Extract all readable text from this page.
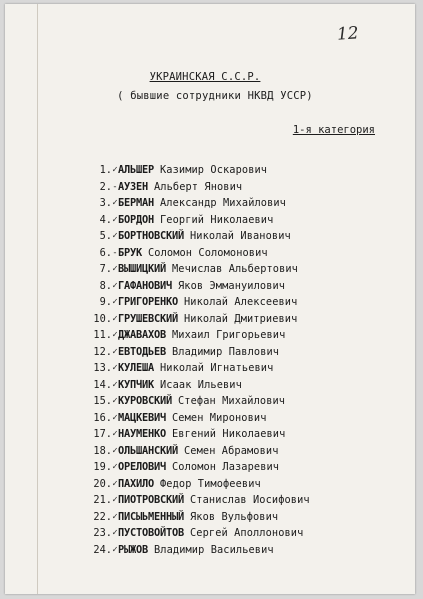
12
УКРАИНСКАЯ С.С.Р.
( бывшие сотрудники НКВД УССР)
1-я категория
1. ✓ АЛЬШЕР Казимир Оскарович
2. - АУЗЕН Альберт Янович
3. ✓ БЕРМАН Александр Михайлович
4. ✓ БОРДОН Георгий Николаевич
5. ✓ БОРТНОВСКИЙ Николай Иванович
6. - БРУК Соломон Соломонович
7. ✓ ВЫШИЦКИЙ Мечислав Альбертович
8. ✓ ГАФАНОВИЧ Яков Эммануилович
9. ✓ ГРИГОРЕНКО Николай Алексеевич
10. ✓ ГРУШЕВСКИЙ Николай Дмитриевич
11. ✓ ДЖАВАХОВ Михаил Григорьевич
12. ✓ ЕВТОДЬЕВ Владимир Павлович
13. ✓ КУЛЕША Николай Игнатьевич
14. ✓ КУПЧИК Исаак Ильевич
15. ✓ КУРОВСКИЙ Стефан Михайлович
16. ✓ МАЦКЕВИЧ Семен Миронович
17. ✓ НАУМЕНКО Евгений Николаевич
18. ✓ ОЛЬШАНСКИЙ Семен Абрамович
19. ✓ ОРЕЛОВИЧ Соломон Лазаревич
20. ✓ ПАХИЛО Федор Тимофеевич
21. ✓ ПИОТРОВСКИЙ Станислав Иосифович
22. ✓ ПИСЫЬМЕННЫЙ Яков Вульфович
23. ✓ ПУСТОВОЙТОВ Сергей Аполлонович
24. ✓ РЫЖОВ Владимир Васильевич
